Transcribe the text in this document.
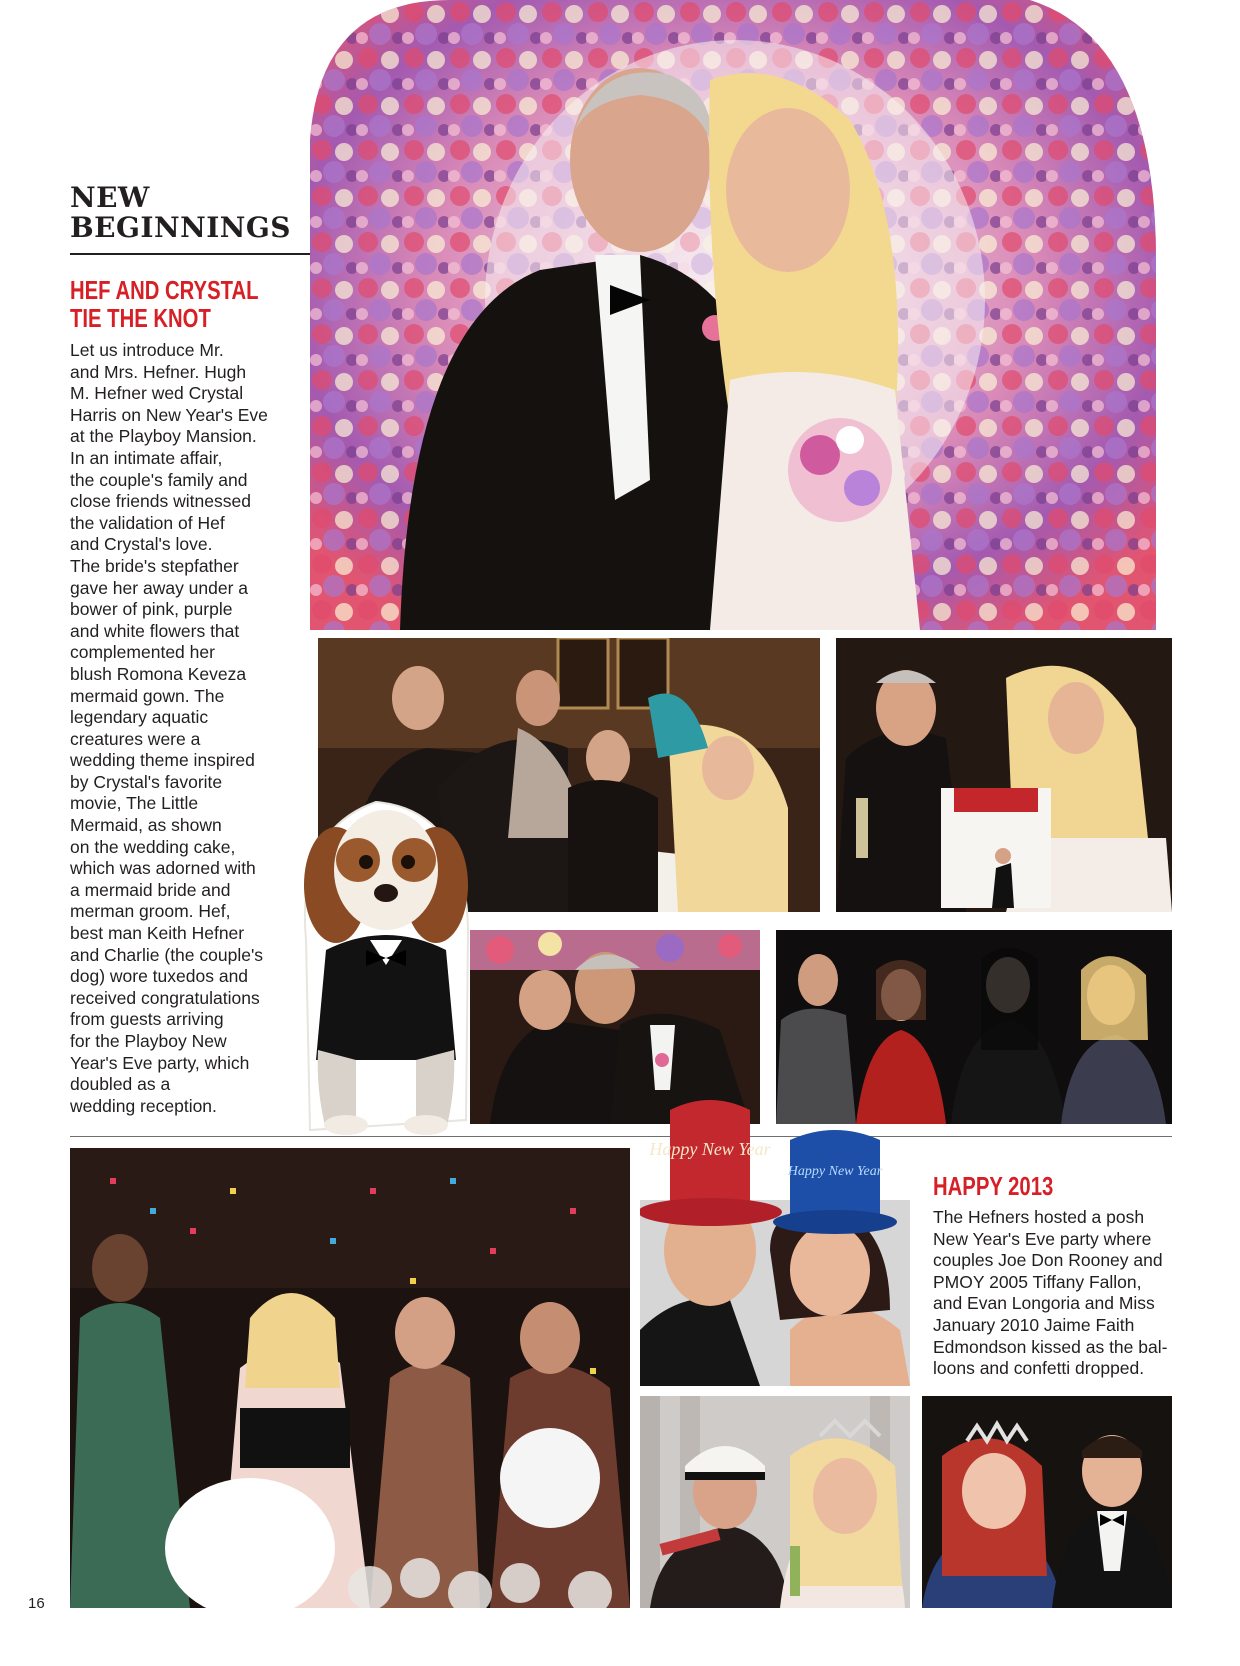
NEW
BEGINNINGS
HEF AND CRYSTAL
TIE THE KNOT
Let us introduce Mr.
and Mrs. Hefner. Hugh
M. Hefner wed Crystal
Harris on New Year's Eve
at the Playboy Mansion.
In an intimate affair,
the couple's family and
close friends witnessed
the validation of Hef
and Crystal's love.
The bride's stepfather
gave her away under a
bower of pink, purple
and white flowers that
complemented her
blush Romona Keveza
mermaid gown. The
legendary aquatic
creatures were a
wedding theme inspired
by Crystal's favorite
movie, The Little
Mermaid, as shown
on the wedding cake,
which was adorned with
a mermaid bride and
merman groom. Hef,
best man Keith Hefner
and Charlie (the couple's
dog) wore tuxedos and
received congratulations
from guests arriving
for the Playboy New
Year's Eve party, which
doubled as a
wedding reception.
Happy New Year
Happy New Year HAPPY 2013
The Hefners hosted a posh
New Year's Eve party where
couples Joe Don Rooney and
PMOY 2005 Tiffany Fallon,
and Evan Longoria and Miss
January 2010 Jaime Faith
Edmondson kissed as the bal-
loons and confetti dropped.
16
